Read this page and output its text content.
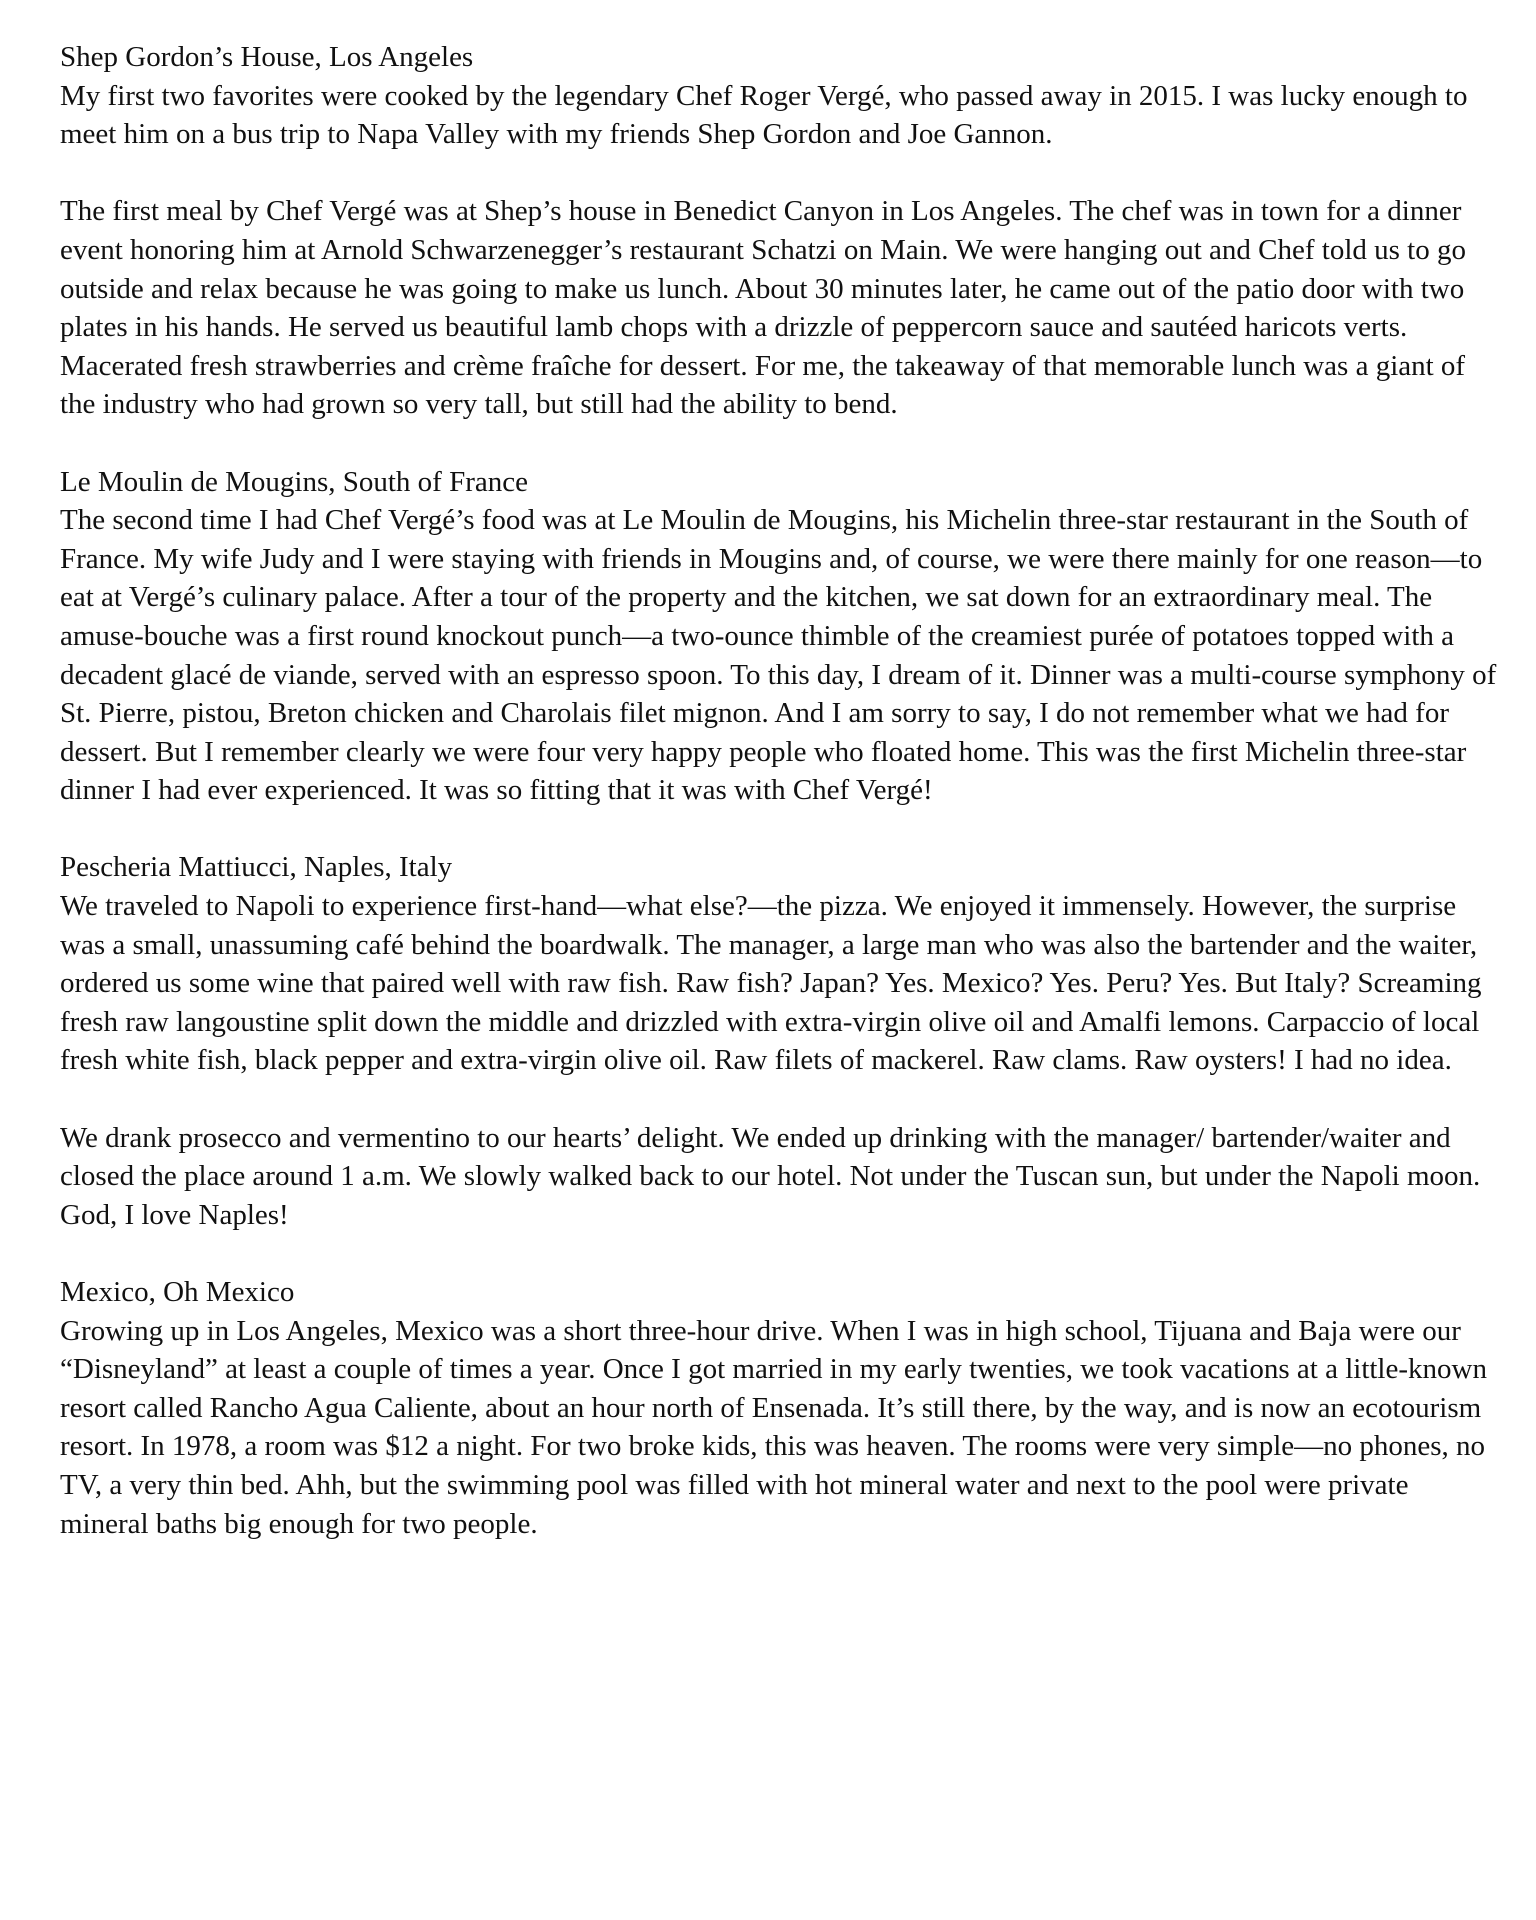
Shep Gordon’s House, Los Angeles

My first two favorites were cooked by the legendary Chef Roger Vergé, who passed away in 2015. I was lucky enough to meet him on a bus trip to Napa Valley with my friends Shep Gordon and Joe Gannon.

The first meal by Chef Vergé was at Shep’s house in Benedict Canyon in Los Angeles. The chef was in town for a dinner event honoring him at Arnold Schwarzenegger’s restaurant Schatzi on Main. We were hanging out and Chef told us to go outside and relax because he was going to make us lunch. About 30 minutes later, he came out of the patio door with two plates in his hands. He served us beautiful lamb chops with a drizzle of peppercorn sauce and sautéed haricots verts. Macerated fresh strawberries and crème fraîche for dessert. For me, the takeaway of that memorable lunch was a giant of the industry who had grown so very tall, but still had the ability to bend.

Le Moulin de Mougins, South of France

The second time I had Chef Vergé’s food was at Le Moulin de Mougins, his Michelin three-star restaurant in the South of France. My wife Judy and I were staying with friends in Mougins and, of course, we were there mainly for one reason—to eat at Vergé’s culinary palace. After a tour of the property and the kitchen, we sat down for an extraordinary meal. The amuse-bouche was a first round knockout punch—a two-ounce thimble of the creamiest purée of potatoes topped with a decadent glacé de viande, served with an espresso spoon. To this day, I dream of it. Dinner was a multi-course symphony of St. Pierre, pistou, Breton chicken and Charolais filet mignon. And I am sorry to say, I do not remember what we had for dessert. But I remember clearly we were four very happy people who floated home. This was the first Michelin three-star dinner I had ever experienced. It was so fitting that it was with Chef Vergé!

Pescheria Mattiucci, Naples, Italy

We traveled to Napoli to experience first-hand—what else?—the pizza. We enjoyed it immensely. However, the surprise was a small, unassuming café behind the boardwalk. The manager, a large man who was also the bartender and the waiter, ordered us some wine that paired well with raw fish. Raw fish? Japan? Yes. Mexico? Yes. Peru? Yes. But Italy? Screaming fresh raw langoustine split down the middle and drizzled with extra-virgin olive oil and Amalfi lemons. Carpaccio of local fresh white fish, black pepper and extra-virgin olive oil. Raw filets of mackerel. Raw clams. Raw oysters! I had no idea.

We drank prosecco and vermentino to our hearts’ delight. We ended up drinking with the manager/ bartender/waiter and closed the place around 1 a.m. We slowly walked back to our hotel. Not under the Tuscan sun, but under the Napoli moon. God, I love Naples!

Mexico, Oh Mexico

Growing up in Los Angeles, Mexico was a short three-hour drive. When I was in high school, Tijuana and Baja were our “Disneyland” at least a couple of times a year. Once I got married in my early twenties, we took vacations at a little-known resort called Rancho Agua Caliente, about an hour north of Ensenada. It’s still there, by the way, and is now an ecotourism resort. In 1978, a room was $12 a night. For two broke kids, this was heaven. The rooms were very simple—no phones, no TV, a very thin bed. Ahh, but the swimming pool was filled with hot mineral water and next to the pool were private mineral baths big enough for two people.
